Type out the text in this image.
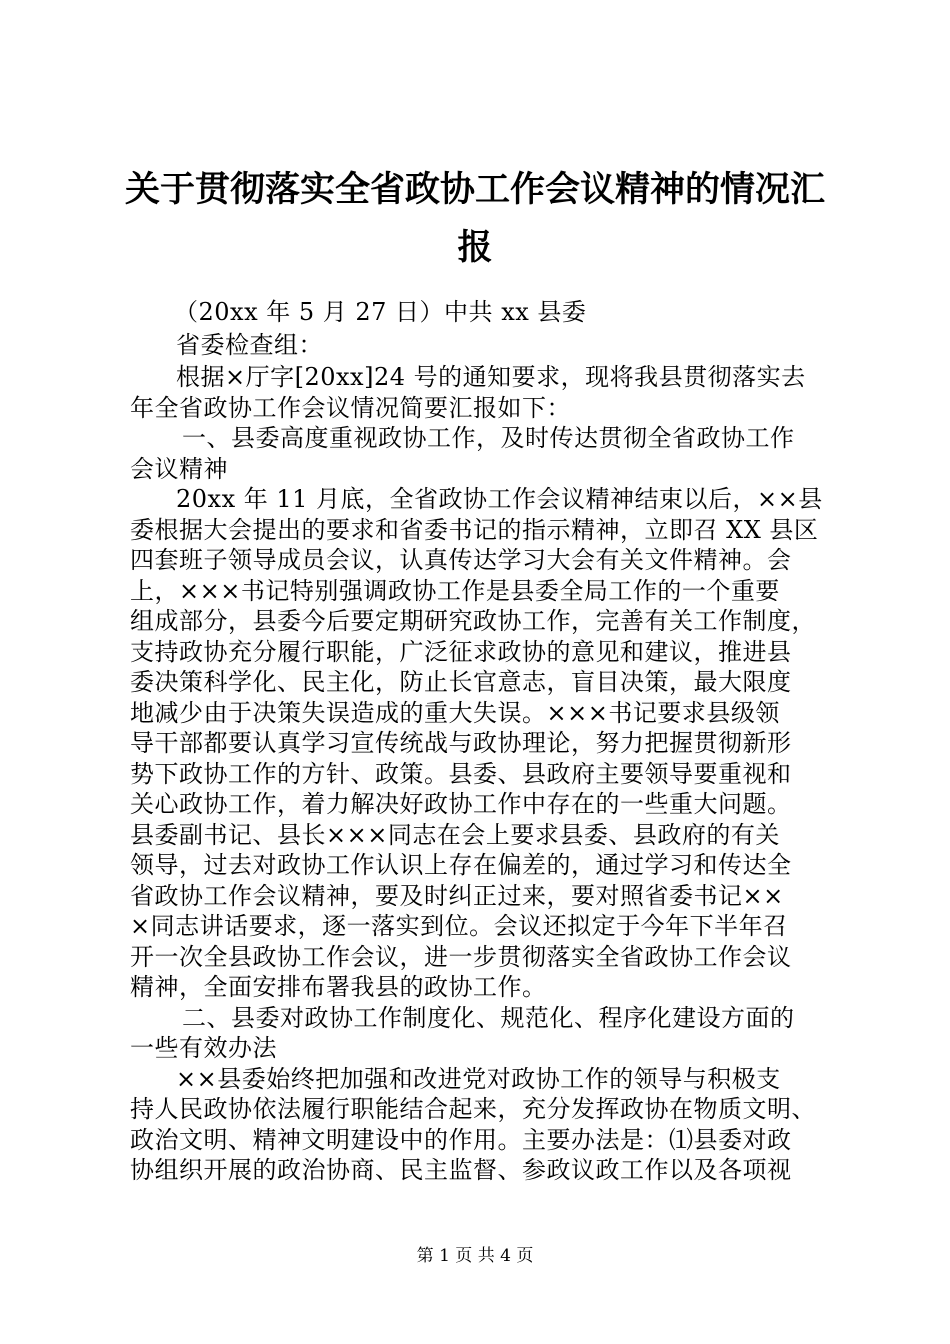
关于贯彻落实全省政协工作会议精神的情况汇
报
（20xx 年 5 月 27 日）中共 xx 县委
省委检查组：
根据×厅字[20xx]24 号的通知要求，现将我县贯彻落实去
年全省政协工作会议情况简要汇报如下：
一、县委高度重视政协工作，及时传达贯彻全省政协工作
会议精神
20xx 年 11 月底，全省政协工作会议精神结束以后，××县
委根据大会提出的要求和省委书记的指示精神，立即召 XX 县区
四套班子领导成员会议，认真传达学习大会有关文件精神。会
上，×××书记特别强调政协工作是县委全局工作的一个重要
组成部分，县委今后要定期研究政协工作，完善有关工作制度，
支持政协充分履行职能，广泛征求政协的意见和建议，推进县
委决策科学化、民主化，防止长官意志，盲目决策，最大限度
地减少由于决策失误造成的重大失误。×××书记要求县级领
导干部都要认真学习宣传统战与政协理论，努力把握贯彻新形
势下政协工作的方针、政策。县委、县政府主要领导要重视和
关心政协工作，着力解决好政协工作中存在的一些重大问题。
县委副书记、县长×××同志在会上要求县委、县政府的有关
领导，过去对政协工作认识上存在偏差的，通过学习和传达全
省政协工作会议精神，要及时纠正过来，要对照省委书记××
×同志讲话要求，逐一落实到位。会议还拟定于今年下半年召
开一次全县政协工作会议，进一步贯彻落实全省政协工作会议
精神，全面安排布署我县的政协工作。
二、县委对政协工作制度化、规范化、程序化建设方面的
一些有效办法
××县委始终把加强和改进党对政协工作的领导与积极支
持人民政协依法履行职能结合起来，充分发挥政协在物质文明、
政治文明、精神文明建设中的作用。主要办法是：⑴县委对政
协组织开展的政治协商、民主监督、参政议政工作以及各项视
第 1 页 共 4 页
